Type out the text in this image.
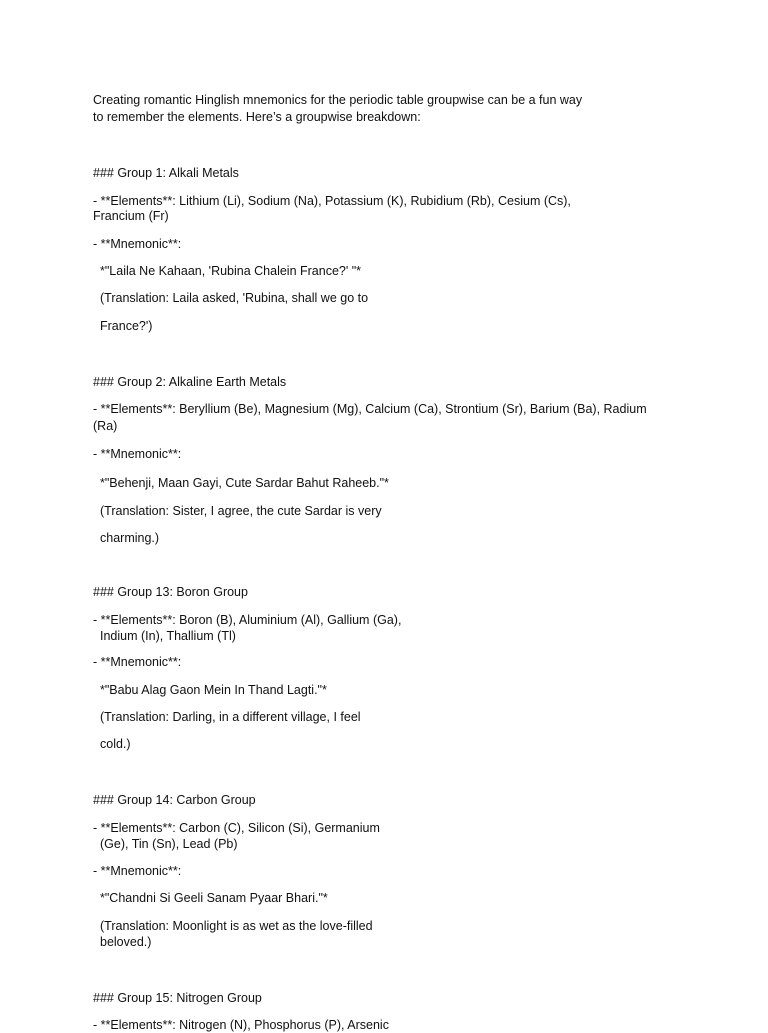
Creating romantic Hinglish mnemonics for the periodic table groupwise can be a fun way
to remember the elements. Here’s a groupwise breakdown:
### Group 1: Alkali Metals
- **Elements**: Lithium (Li), Sodium (Na), Potassium (K), Rubidium (Rb), Cesium (Cs),
Francium (Fr)
- **Mnemonic**:
*"Laila Ne Kahaan, 'Rubina Chalein France?' "*
(Translation: Laila asked, 'Rubina, shall we go to
France?')
### Group 2: Alkaline Earth Metals
- **Elements**: Beryllium (Be), Magnesium (Mg), Calcium (Ca), Strontium (Sr), Barium (Ba), Radium
(Ra)
- **Mnemonic**:
*"Behenji, Maan Gayi, Cute Sardar Bahut Raheeb."*
(Translation: Sister, I agree, the cute Sardar is very
charming.)
### Group 13: Boron Group
- **Elements**: Boron (B), Aluminium (Al), Gallium (Ga),
Indium (In), Thallium (Tl)
- **Mnemonic**:
*"Babu Alag Gaon Mein In Thand Lagti."*
(Translation: Darling, in a different village, I feel
cold.)
### Group 14: Carbon Group
- **Elements**: Carbon (C), Silicon (Si), Germanium
(Ge), Tin (Sn), Lead (Pb)
- **Mnemonic**:
*"Chandni Si Geeli Sanam Pyaar Bhari."*
(Translation: Moonlight is as wet as the love-filled
beloved.)
### Group 15: Nitrogen Group
- **Elements**: Nitrogen (N), Phosphorus (P), Arsenic
